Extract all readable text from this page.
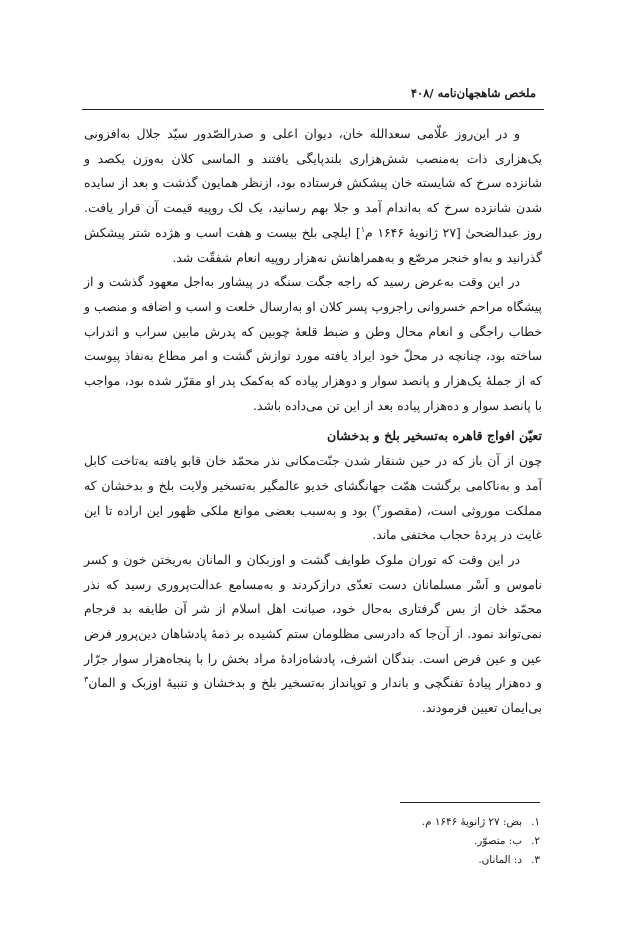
ملخص شاهجهان‌نامه /۴۰۸

و در این‌روز علّامی سعدالله خان، دیوان اعلی و صدرالصّدور سیّد جلال به‌افزونی یک‌هزاری ذات به‌منصب شش‌هزاری بلندپایگی یافتند و الماسی کلان به‌وزن یکصد و شانزده سرخ که شایسته خان پیشکش فرستاده بود، ازنظر همایون گذشت و بعد از سایده شدن شانزده سرخ که به‌اندام آمد و جلا بهم رسانید، یک لک روپیه قیمت آن قرار یافت. روز عبدالضحیٰ [۲۷ ژانویهٔ ۱۶۴۶ م$^۱$] ایلچی بلخ بیست و هفت اسب و هژده شتر پیشکش گذرانید و به‌او خنجر مرصّع و به‌همراهانش نه‌هزار روپیه انعام شفقّت شد.

در این وقت به‌عرض رسید که راجه جگت سنگه در پیشاور به‌اجل معهود گذشت و از پیشگاه مراحم خسروانی راجروپ پسر کلان او به‌ارسال خلعت و اسب و اضافه و منصب و خطاب راجگی و انعام محال وطن و ضبط قلعهٔ چوبین که پدرش مابین سراب و اندراب ساخته بود، چنانچه در محلّ خود ایراد یافته مورد نوازش گشت و امر مطاع به‌نفاذ پیوست که از جملهٔ یک‌هزار و پانصد سوار و دوهزار پیاده که به‌کمک پدر او مقرّر شده بود، مواجب با پانصد سوار و ده‌هزار پیاده بعد از این تن می‌داده باشد.

تعیّن افواج قاهره به‌تسخیر بلخ و بدخشان

چون از آن باز که در حین شنقار شدن جنّت‌مکانی نذر محمّد خان قابو یافته به‌تاخت کابل آمد و به‌ناکامی برگشت همّت جهانگشای خدیو عالمگیر به‌تسخیر ولایت بلخ و بدخشان که مملکت موروثی است، (مقصور$^۲$) بود و به‌سبب بعضی موانع ملکی ظهور این اراده تا این غایت در پردهٔ حجاب مختفی ماند.

در این وقت که توران ملوک طوایف گشت و اوزبکان و المانان به‌ریختن خون و کسر ناموس و اَسْر مسلمانان دست تعدّی درازکردند و به‌مسامع عدالت‌پروری رسید که نذر محمّد خان از بس گرفتاری به‌حال خود، صیانت اهل اسلام از شر آن طایفه بد فرجام نمی‌تواند نمود. از آن‌جا که دادرسی مظلومان ستم کشیده بر ذمهٔ پادشاهان دین‌پرور فرض عین و عین فرض است. بندگان اشرف، پادشاه‌زادهٔ مراد بخش را با پنجاه‌هزار سوار جرّار و ده‌هزار پیادهٔ تفنگچی و باندار و توپانداز به‌تسخیر بلخ و بدخشان و تنبیهٔ اوزبک و المان$^۳$ بی‌ایمان تعیین فرمودند.

۱.بض: ۲۷ ژانویهٔ ۱۶۴۶ م.
۲.ب: متصوّر.
۳.د: المانان.
